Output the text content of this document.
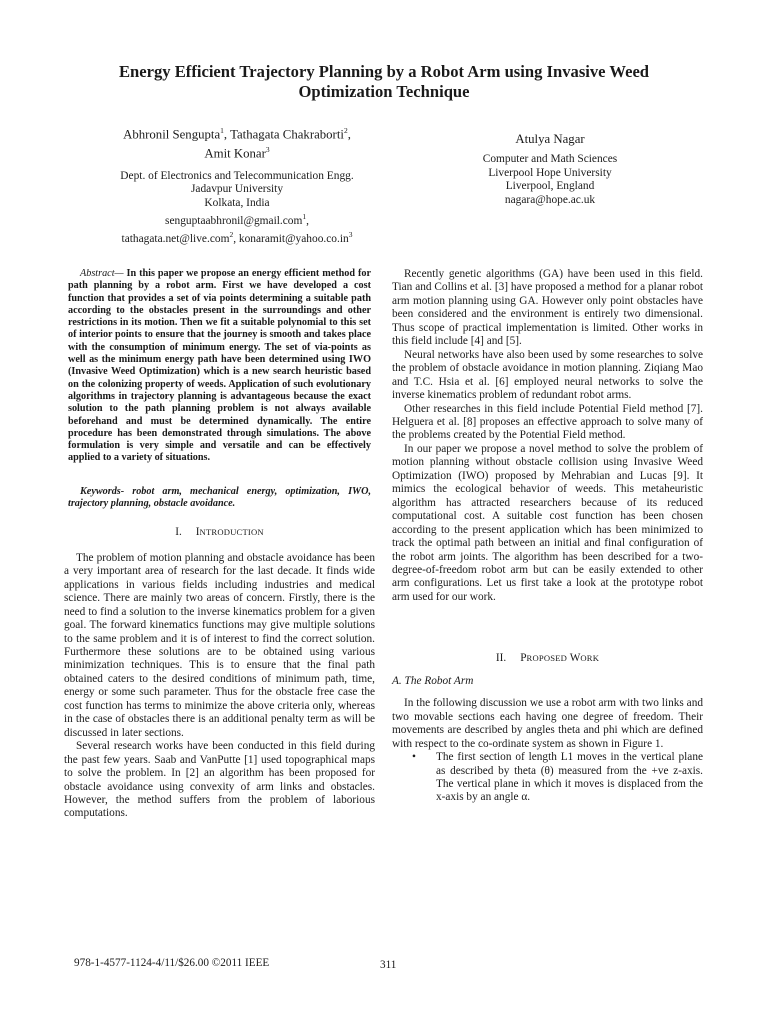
Energy Efficient Trajectory Planning by a Robot Arm using Invasive Weed Optimization Technique
Abhronil Sengupta$^1$, Tathagata Chakraborti$^2$,
Amit Konar$^3$
Dept. of Electronics and Telecommunication Engg.
Jadavpur University
Kolkata, India
senguptaabhronil@gmail.com$^1$,
tathagata.net@live.com$^2$, $konaramit@yahoo.co.in^3$
Atulya Nagar
Computer and Math Sciences
Liverpool Hope University
Liverpool, England
nagara@hope.ac.uk

Abstract— In this paper we propose an energy efficient method for path planning by a robot arm. First we have developed a cost function that provides a set of via points determining a suitable path according to the obstacles present in the surroundings and other restrictions in its motion. Then we fit a suitable polynomial to this set of interior points to ensure that the journey is smooth and takes place with the consumption of minimum energy. The set of via-points as well as the minimum energy path have been determined using IWO (Invasive Weed Optimization) which is a new search heuristic based on the colonizing property of weeds. Application of such evolutionary algorithms in trajectory planning is advantageous because the exact solution to the path planning problem is not always available beforehand and must be determined dynamically. The entire procedure has been demonstrated through simulations. The above formulation is very simple and versatile and can be effectively applied to a variety of situations.

Keywords- robot arm, mechanical energy, optimization, IWO, trajectory planning, obstacle avoidance.

I. INTRODUCTION

The problem of motion planning and obstacle avoidance has been a very important area of research for the last decade. It finds wide applications in various fields including industries and medical science. There are mainly two areas of concern. Firstly, there is the need to find a solution to the inverse kinematics problem for a given goal. The forward kinematics functions may give multiple solutions to the same problem and it is of interest to find the correct solution. Furthermore these solutions are to be obtained using various minimization techniques. This is to ensure that the final path obtained caters to the desired conditions of minimum path, time, energy or some such parameter. Thus for the obstacle free case the cost function has terms to minimize the above criteria only, whereas in the case of obstacles there is an additional penalty term as will be discussed in later sections.

Several research works have been conducted in this field during the past few years. Saab and VanPutte [1] used topographical maps to solve the problem. In [2] an algorithm has been proposed for obstacle avoidance using convexity of arm links and obstacles. However, the method suffers from the problem of laborious computations.

Recently genetic algorithms (GA) have been used in this field. Tian and Collins et al. [3] have proposed a method for a planar robot arm motion planning using GA. However only point obstacles have been considered and the environment is entirely two dimensional. Thus scope of practical implementation is limited. Other works in this field include [4] and [5].

Neural networks have also been used by some researches to solve the problem of obstacle avoidance in motion planning. Ziqiang Mao and T.C. Hsia et al. [6] employed neural networks to solve the inverse kinematics problem of redundant robot arms.

Other researches in this field include Potential Field method [7]. Helguera et al. [8] proposes an effective approach to solve many of the problems created by the Potential Field method.

In our paper we propose a novel method to solve the problem of motion planning without obstacle collision using Invasive Weed Optimization (IWO) proposed by Mehrabian and Lucas [9]. It mimics the ecological behavior of weeds. This metaheuristic algorithm has attracted researchers because of its reduced computational cost. A suitable cost function has been chosen according to the present application which has been minimized to track the optimal path between an initial and final configuration of the robot arm joints. The algorithm has been described for a two-degree-of-freedom robot arm but can be easily extended to other arm configurations. Let us first take a look at the prototype robot arm used for our work.

II. PROPOSED WORK
A. The Robot Arm

In the following discussion we use a robot arm with two links and two movable sections each having one degree of freedom. Their movements are described by angles theta and phi which are defined with respect to the co-ordinate system as shown in Figure 1.

• The first section of length L1 moves in the vertical plane as described by theta (θ) measured from the +ve z-axis. The vertical plane in which it moves is displaced from the x-axis by an angle α.

978-1-4577-1124-4/11/$26.00 ©2011 IEEE	311
